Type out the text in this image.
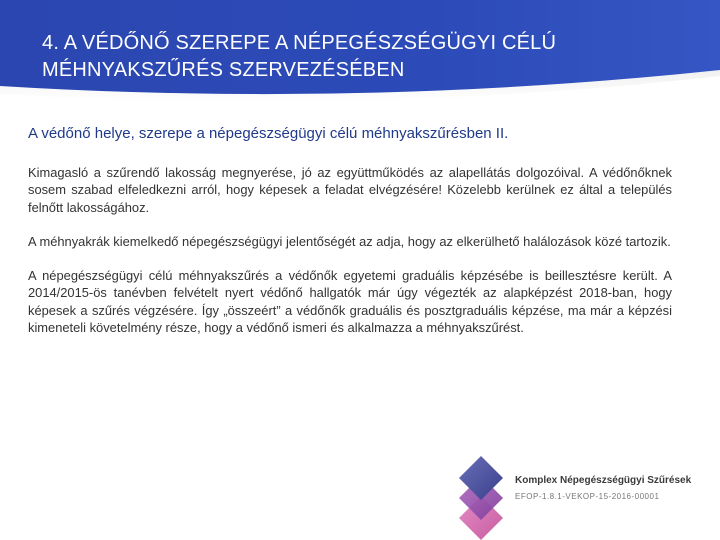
4. A VÉDŐNŐ SZEREPE A NÉPEGÉSZSÉGÜGYI CÉLÚ MÉHNYAKSZŰRÉS SZERVEZÉSÉBEN
A védőnő helye, szerepe a népegészségügyi célú méhnyakszűrésben II.

Kimagasló a szűrendő lakosság megnyerése, jó az együttműködés az alapellátás dolgozóival. A védőnőknek sosem szabad elfeledkezni arról, hogy képesek a feladat elvégzésére! Közelebb kerülnek ez által a település felnőtt lakosságához.

A méhnyakrák kiemelkedő népegészségügyi jelentőségét az adja, hogy az elkerülhető halálozások közé tartozik.

A népegészségügyi célú méhnyakszűrés a védőnők egyetemi graduális képzésébe is beillesztésre került. A 2014/2015-ös tanévben felvételt nyert védőnő hallgatók már úgy végezték az alapképzést 2018-ban, hogy képesek a szűrés végzésére. Így „összeért” a védőnők graduális és posztgraduális képzése, ma már a képzési kimeneteli követelmény része, hogy a védőnő ismeri és alkalmazza a méhnyakszűrést.

Komplex Népegészségügyi Szűrések
EFOP-1.8.1-VEKOP-15-2016-00001
